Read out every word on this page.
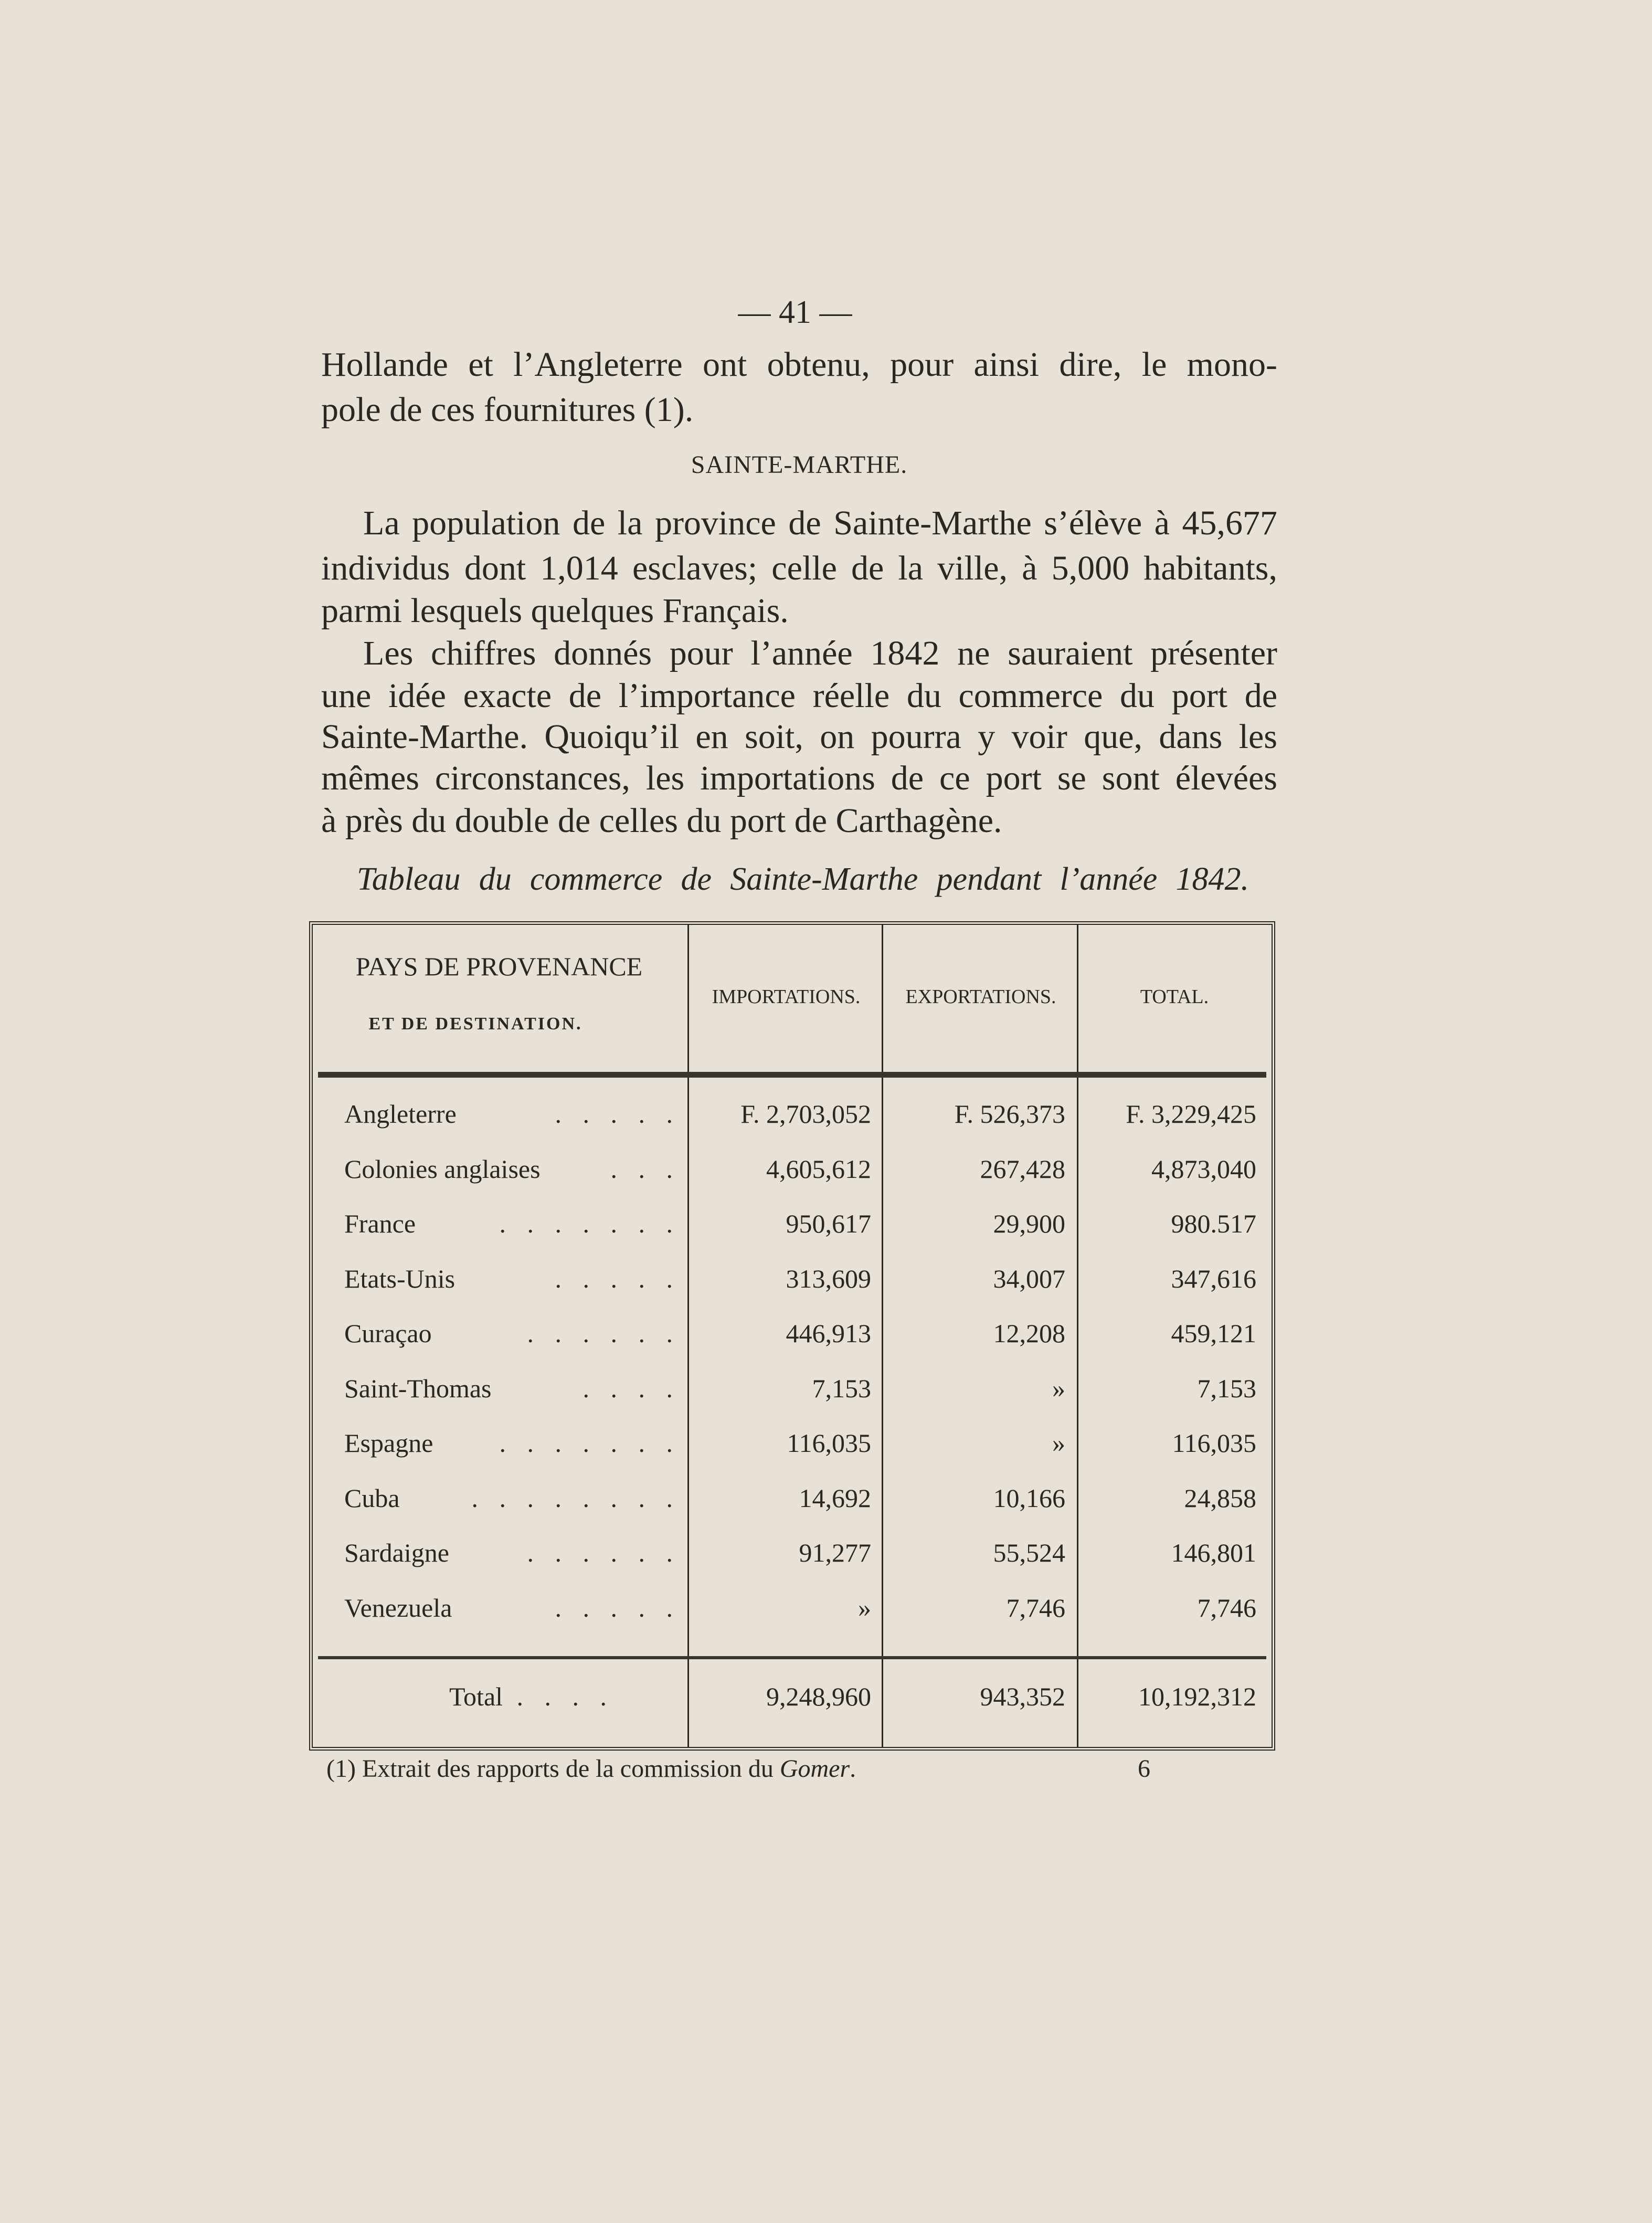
— 41 —
Hollande et l’Angleterre ont obtenu, pour ainsi dire, le mono-
pole de ces fournitures (1).
SAINTE-MARTHE.
La population de la province de Sainte-Marthe s’élève à 45,677
individus dont 1,014 esclaves; celle de la ville, à 5,000 habitants,
parmi lesquels quelques Français.
Les chiffres donnés pour l’année 1842 ne sauraient présenter
une idée exacte de l’importance réelle du commerce du port de
Sainte-Marthe. Quoiqu’il en soit, on pourra y voir que, dans les
mêmes circonstances, les importations de ce port se sont élevées
à près du double de celles du port de Carthagène.
Tableau du commerce de Sainte-Marthe pendant l’année 1842.
PAYS DE PROVENANCE
ET DE DESTINATION.
IMPORTATIONS.	EXPORTATIONS.	TOTAL.
Angleterre	. . . . .	F. 2,703,052	F. 526,373	F. 3,229,425
Colonies anglaises	. . .	4,605,612	267,428	4,873,040
France	. . . . . . .	950,617	29,900	980.517
Etats-Unis	. . . . .	313,609	34,007	347,616
Curaçao	. . . . . .	446,913	12,208	459,121
Saint-Thomas	. . . .	7,153	»	7,153
Espagne	. . . . . . .	116,035	»	116,035
Cuba	. . . . . . . .	14,692	10,166	24,858
Sardaigne	. . . . . .	91,277	55,524	146,801
Venezuela	. . . . .	»	7,746	7,746
Total . . . .	9,248,960	943,352	10,192,312
(1) Extrait des rapports de la commission du Gomer.	6
